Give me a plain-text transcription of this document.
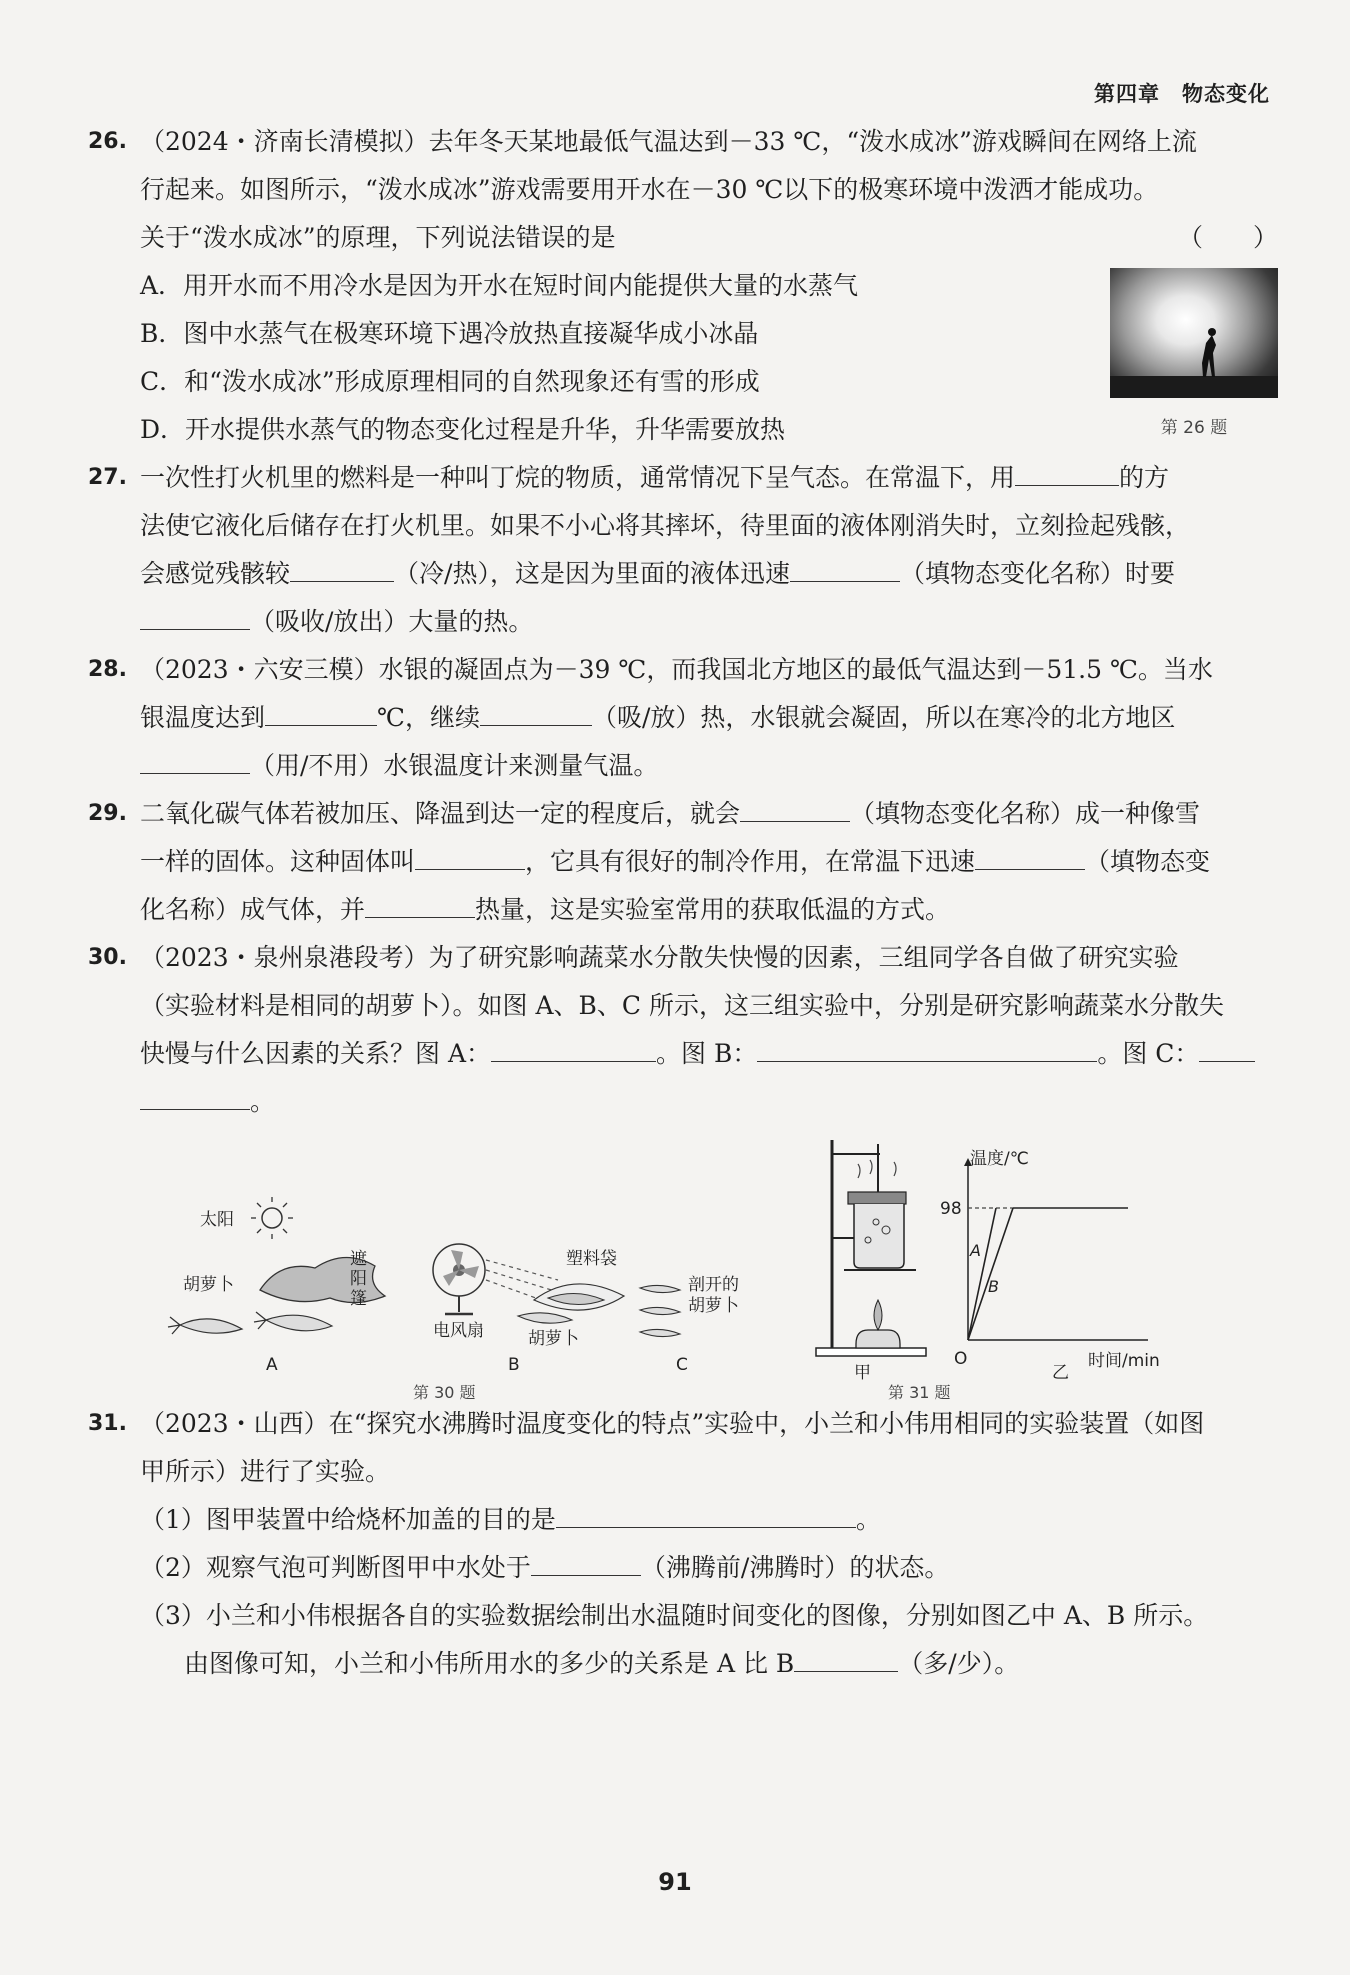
第四章　物态变化
26. （2024・济南长清模拟）去年冬天某地最低气温达到－33 ℃，“泼水成冰”游戏瞬间在网络上流
行起来。如图所示，“泼水成冰”游戏需要用开水在－30 ℃以下的极寒环境中泼洒才能成功。
关于“泼水成冰”的原理，下列说法错误的是	（　　）
A．用开水而不用冷水是因为开水在短时间内能提供大量的水蒸气
B．图中水蒸气在极寒环境下遇冷放热直接凝华成小冰晶
C．和“泼水成冰”形成原理相同的自然现象还有雪的形成
D．开水提供水蒸气的物态变化过程是升华，升华需要放热	第 26 题
27. 一次性打火机里的燃料是一种叫丁烷的物质，通常情况下呈气态。在常温下，用	的方
法使它液化后储存在打火机里。如果不小心将其摔坏，待里面的液体刚消失时，立刻捡起残骸，
会感觉残骸较	（冷/热），这是因为里面的液体迅速	（填物态变化名称）时要
（吸收/放出）大量的热。
28. （2023・六安三模）水银的凝固点为－39 ℃，而我国北方地区的最低气温达到－51.5 ℃。当水
银温度达到	℃，继续	（吸/放）热，水银就会凝固，所以在寒冷的北方地区
（用/不用）水银温度计来测量气温。
29. 二氧化碳气体若被加压、降温到达一定的程度后，就会	（填物态变化名称）成一种像雪
一样的固体。这种固体叫	，它具有很好的制冷作用，在常温下迅速	（填物态变
化名称）成气体，并	热量，这是实验室常用的获取低温的方式。
30. （2023・泉州泉港段考）为了研究影响蔬菜水分散失快慢的因素，三组同学各自做了研究实验
（实验材料是相同的胡萝卜）。如图 A、B、C 所示，这三组实验中，分别是研究影响蔬菜水分散失
快慢与什么因素的关系？图 A：	。图 B：	。图 C：
。
太阳
胡萝卜
遮
阳
篷
A
电风扇
塑料袋
胡萝卜
B
剖开的
胡萝卜
C
第 30 题
甲
温度/℃
时间/min
O
98
A
B
乙
第 31 题
31. （2023・山西）在“探究水沸腾时温度变化的特点”实验中，小兰和小伟用相同的实验装置（如图
甲所示）进行了实验。
（1）图甲装置中给烧杯加盖的目的是	。
（2）观察气泡可判断图甲中水处于	（沸腾前/沸腾时）的状态。
（3）小兰和小伟根据各自的实验数据绘制出水温随时间变化的图像，分别如图乙中 A、B 所示。
由图像可知，小兰和小伟所用水的多少的关系是 A 比 B	（多/少）。
91
